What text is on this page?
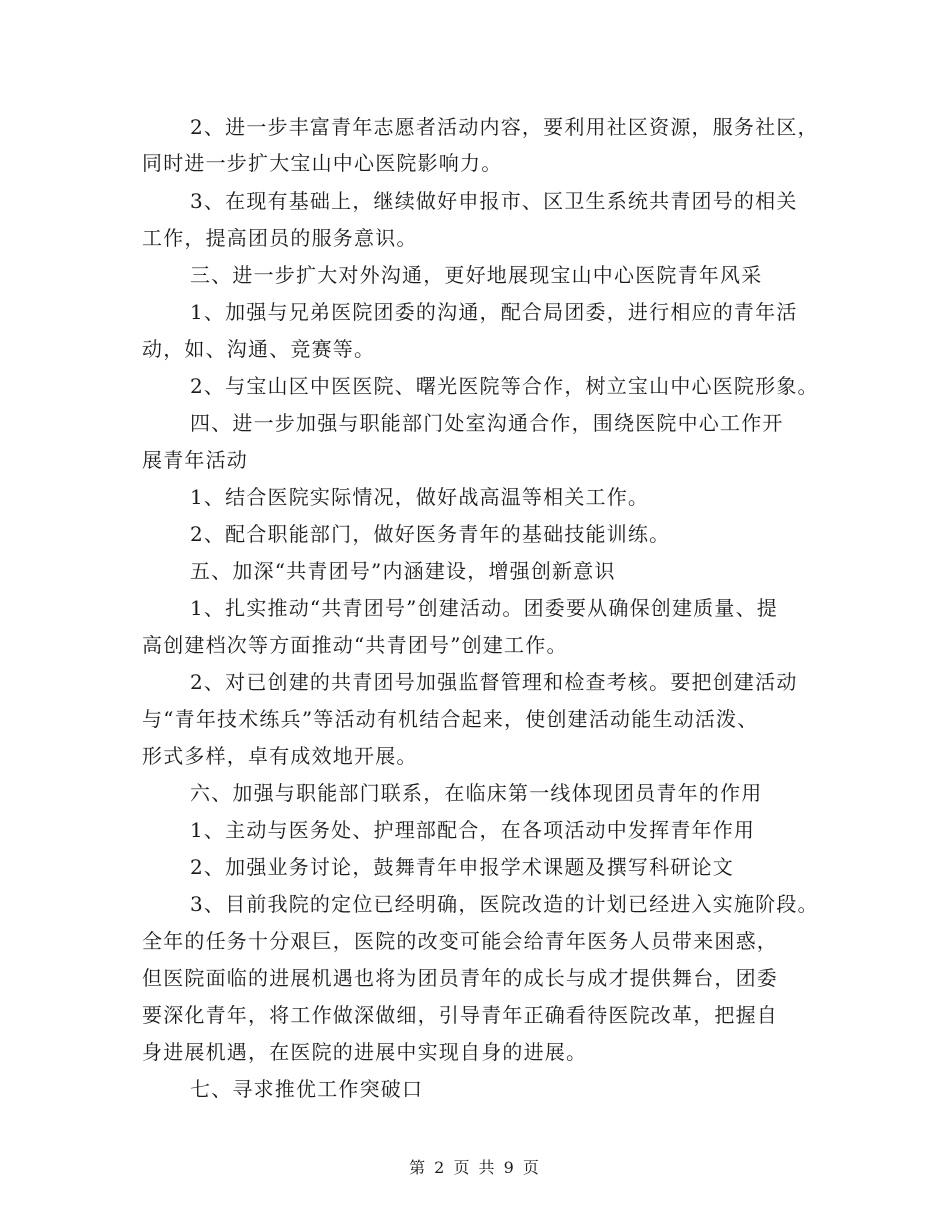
2、进一步丰富青年志愿者活动内容，要利用社区资源，服务社区，
同时进一步扩大宝山中心医院影响力。
3、在现有基础上，继续做好申报市、区卫生系统共青团号的相关
工作，提高团员的服务意识。
三、进一步扩大对外沟通，更好地展现宝山中心医院青年风采
1、加强与兄弟医院团委的沟通，配合局团委，进行相应的青年活
动，如、沟通、竞赛等。
2、与宝山区中医医院、曙光医院等合作，树立宝山中心医院形象。
四、进一步加强与职能部门处室沟通合作，围绕医院中心工作开
展青年活动
1、结合医院实际情况，做好战高温等相关工作。
2、配合职能部门，做好医务青年的基础技能训练。
五、加深“共青团号”内涵建设，增强创新意识
1、扎实推动“共青团号”创建活动。团委要从确保创建质量、提
高创建档次等方面推动“共青团号”创建工作。
2、对已创建的共青团号加强监督管理和检查考核。要把创建活动
与“青年技术练兵”等活动有机结合起来，使创建活动能生动活泼、
形式多样，卓有成效地开展。
六、加强与职能部门联系，在临床第一线体现团员青年的作用
1、主动与医务处、护理部配合，在各项活动中发挥青年作用
2、加强业务讨论，鼓舞青年申报学术课题及撰写科研论文
3、目前我院的定位已经明确，医院改造的计划已经进入实施阶段。
全年的任务十分艰巨，医院的改变可能会给青年医务人员带来困惑，
但医院面临的进展机遇也将为团员青年的成长与成才提供舞台，团委
要深化青年，将工作做深做细，引导青年正确看待医院改革，把握自
身进展机遇，在医院的进展中实现自身的进展。
七、寻求推优工作突破口
第 2 页 共 9 页
